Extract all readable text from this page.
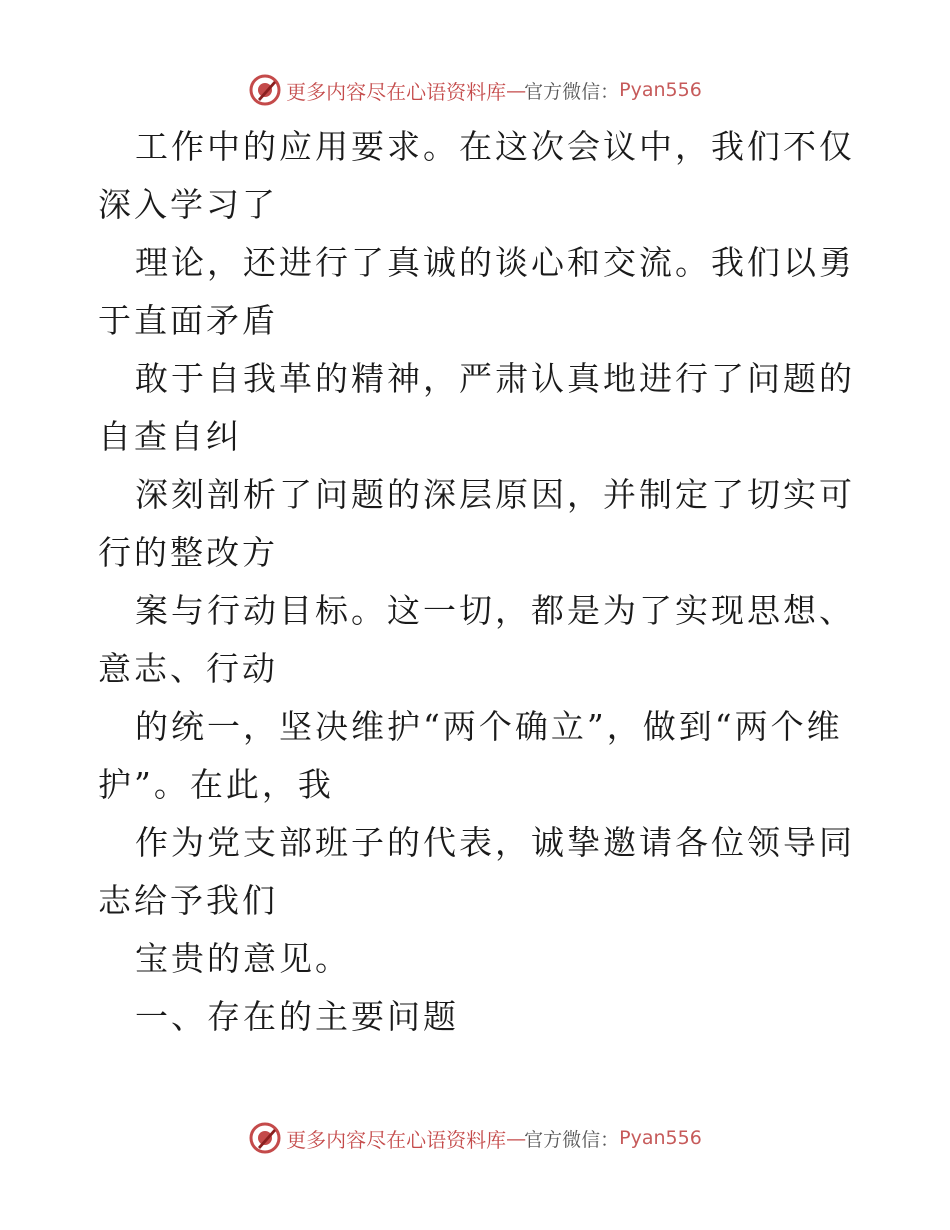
更多内容尽在心语资料库 — 官方微信： Pyan556

工作中的应用要求。在这次会议中，我们不仅深入学习了

理论，还进行了真诚的谈心和交流。我们以勇于直面矛盾

敢于自我革的精神，严肃认真地进行了问题的自查自纠

深刻剖析了问题的深层原因，并制定了切实可行的整改方

案与行动目标。这一切，都是为了实现思想、意志、行动

的统一，坚决维护“两个确立”，做到“两个维护”。在此，我

作为党支部班子的代表，诚挚邀请各位领导同志给予我们

宝贵的意见。

一、存在的主要问题

更多内容尽在心语资料库 — 官方微信： Pyan556
